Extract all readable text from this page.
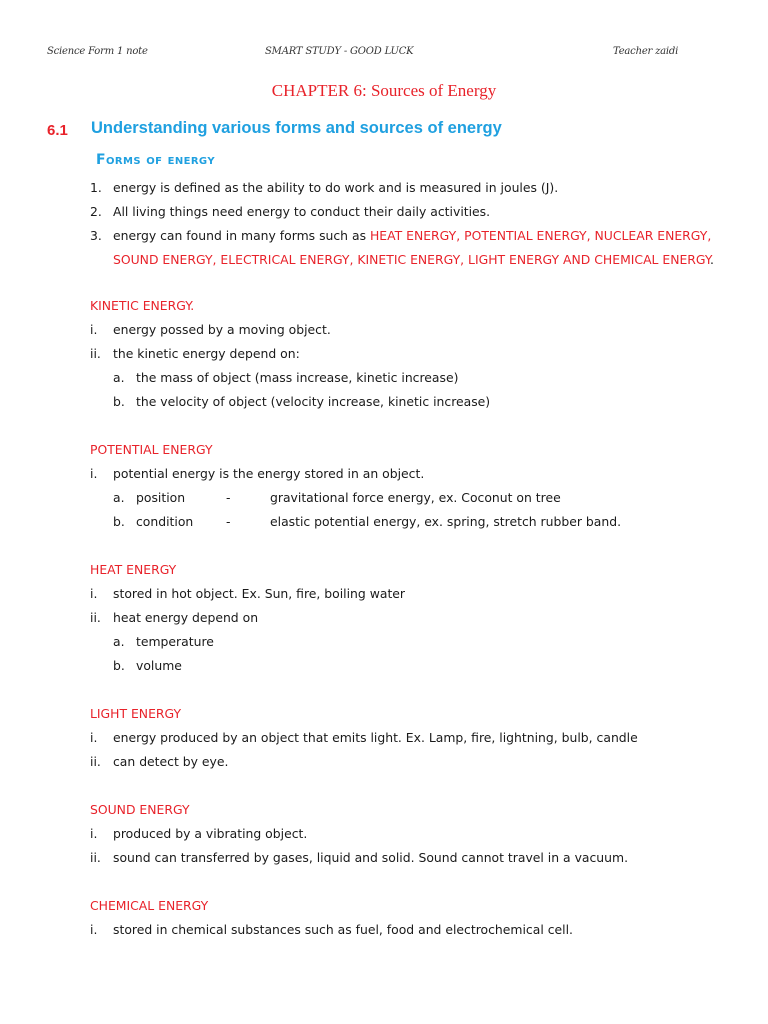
Science Form 1 note	SMART STUDY - GOOD LUCK	Teacher zaidi
CHAPTER 6: Sources of Energy
6.1 Understanding various forms and sources of energy
Forms of energy
1. energy is defined as the ability to do work and is measured in joules (J).
2. All living things need energy to conduct their daily activities.
3. energy can found in many forms such as HEAT ENERGY, POTENTIAL ENERGY, NUCLEAR ENERGY,
SOUND ENERGY, ELECTRICAL ENERGY, KINETIC ENERGY, LIGHT ENERGY AND CHEMICAL ENERGY.
KINETIC ENERGY.
i. energy possed by a moving object.
ii. the kinetic energy depend on:
a. the mass of object (mass increase, kinetic increase)
b. the velocity of object (velocity increase, kinetic increase)
POTENTIAL ENERGY
i. potential energy is the energy stored in an object.
a. position	-	gravitational force energy, ex. Coconut on tree
b. condition	-	elastic potential energy, ex. spring, stretch rubber band.
HEAT ENERGY
i. stored in hot object. Ex. Sun, fire, boiling water
ii. heat energy depend on
a. temperature
b. volume
LIGHT ENERGY
i. energy produced by an object that emits light. Ex. Lamp, fire, lightning, bulb, candle
ii. can detect by eye.
SOUND ENERGY
i. produced by a vibrating object.
ii. sound can transferred by gases, liquid and solid. Sound cannot travel in a vacuum.
CHEMICAL ENERGY
i. stored in chemical substances such as fuel, food and electrochemical cell.
